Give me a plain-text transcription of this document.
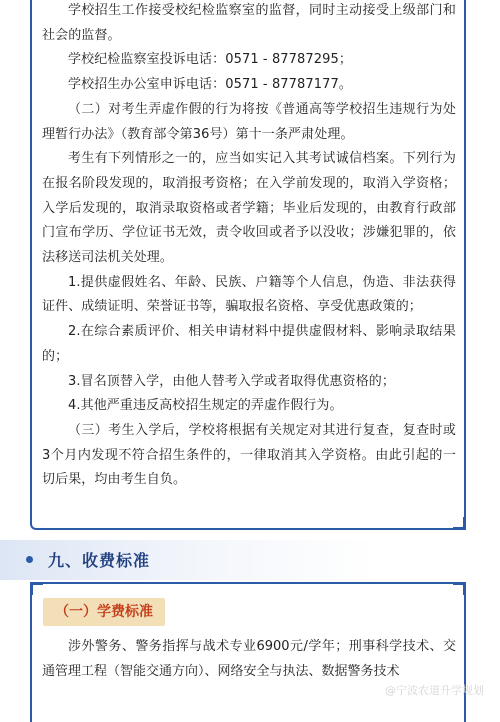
学校招生工作接受校纪检监察室的监督，同时主动接受上级部门和社会的监督。

学校纪检监察室投诉电话：0571 - 87787295；

学校招生办公室申诉电话：0571 - 87787177。

（二）对考生弄虚作假的行为将按《普通高等学校招生违规行为处理暂行办法》（教育部令第36号）第十一条严肃处理。

考生有下列情形之一的，应当如实记入其考试诚信档案。下列行为在报名阶段发现的，取消报考资格；在入学前发现的，取消入学资格；入学后发现的，取消录取资格或者学籍；毕业后发现的，由教育行政部门宣布学历、学位证书无效，责令收回或者予以没收；涉嫌犯罪的，依法移送司法机关处理。

1.提供虚假姓名、年龄、民族、户籍等个人信息，伪造、非法获得证件、成绩证明、荣誉证书等，骗取报名资格、享受优惠政策的；

2.在综合素质评价、相关申请材料中提供虚假材料、影响录取结果的；

3.冒名顶替入学，由他人替考入学或者取得优惠资格的；

4.其他严重违反高校招生规定的弄虚作假行为。

（三）考生入学后，学校将根据有关规定对其进行复查，复查时或3个月内发现不符合招生条件的，一律取消其入学资格。由此引起的一切后果，均由考生自负。

九、收费标准
（一）学费标准

涉外警务、警务指挥与战术专业6900元/学年；刑事科学技术、交通管理工程（智能交通方向）、网络安全与执法、数据警务技术

@宁波农道升学规划
